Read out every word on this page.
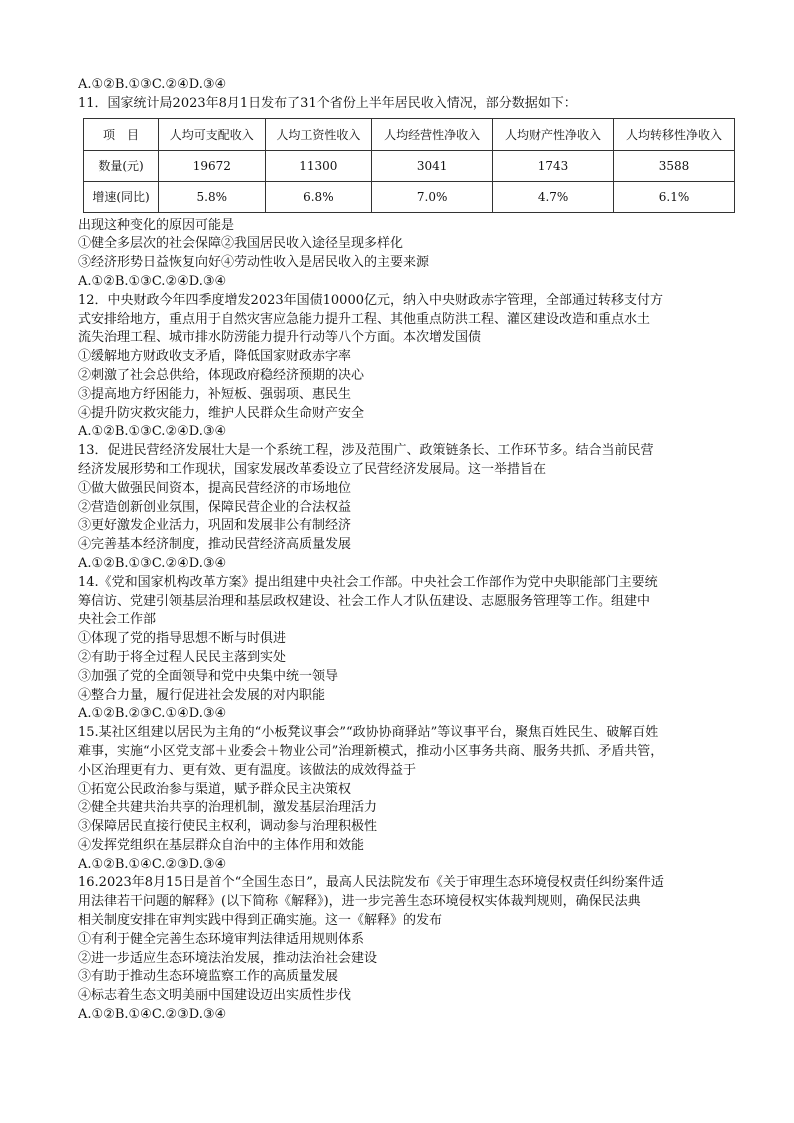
A.①②B.①③C.②④D.③④
11．国家统计局2023年8月1日发布了31个省份上半年居民收入情况，部分数据如下：
项　目	人均可支配收入	人均工资性收入	人均经营性净收入	人均财产性净收入	人均转移性净收入
数量(元)	19672	11300	3041	1743	3588
增速(同比)	5.8%	6.8%	7.0%	4.7%	6.1%
出现这种变化的原因可能是
①健全多层次的社会保障②我国居民收入途径呈现多样化
③经济形势日益恢复向好④劳动性收入是居民收入的主要来源
A.①②B.①③C.②④D.③④
12．中央财政今年四季度增发2023年国债10000亿元，纳入中央财政赤字管理，全部通过转移支付方
式安排给地方，重点用于自然灾害应急能力提升工程、其他重点防洪工程、灌区建设改造和重点水土
流失治理工程、城市排水防涝能力提升行动等八个方面。本次增发国债
①缓解地方财政收支矛盾，降低国家财政赤字率
②刺激了社会总供给，体现政府稳经济预期的决心
③提高地方纾困能力，补短板、强弱项、惠民生
④提升防灾救灾能力，维护人民群众生命财产安全
A.①②B.①③C.②④D.③④
13．促进民营经济发展壮大是一个系统工程，涉及范围广、政策链条长、工作环节多。结合当前民营
经济发展形势和工作现状，国家发展改革委设立了民营经济发展局。这一举措旨在
①做大做强民间资本，提高民营经济的市场地位
②营造创新创业氛围，保障民营企业的合法权益
③更好激发企业活力，巩固和发展非公有制经济
④完善基本经济制度，推动民营经济高质量发展
A.①②B.①③C.②④D.③④
14.《党和国家机构改革方案》提出组建中央社会工作部。中央社会工作部作为党中央职能部门主要统
筹信访、党建引领基层治理和基层政权建设、社会工作人才队伍建设、志愿服务管理等工作。组建中
央社会工作部
①体现了党的指导思想不断与时俱进
②有助于将全过程人民民主落到实处
③加强了党的全面领导和党中央集中统一领导
④整合力量，履行促进社会发展的对内职能
A.①②B.②③C.①④D.③④
15.某社区组建以居民为主角的“小板凳议事会”“政协协商驿站”等议事平台，聚焦百姓民生、破解百姓
难事，实施“小区党支部＋业委会＋物业公司”治理新模式，推动小区事务共商、服务共抓、矛盾共管，
小区治理更有力、更有效、更有温度。该做法的成效得益于
①拓宽公民政治参与渠道，赋予群众民主决策权
②健全共建共治共享的治理机制，激发基层治理活力
③保障居民直接行使民主权利，调动参与治理积极性
④发挥党组织在基层群众自治中的主体作用和效能
A.①②B.①④C.②③D.③④
16.2023年8月15日是首个“全国生态日”，最高人民法院发布《关于审理生态环境侵权责任纠纷案件适
用法律若干问题的解释》(以下简称《解释》)，进一步完善生态环境侵权实体裁判规则，确保民法典
相关制度安排在审判实践中得到正确实施。这一《解释》的发布
①有利于健全完善生态环境审判法律适用规则体系
②进一步适应生态环境法治发展，推动法治社会建设
③有助于推动生态环境监察工作的高质量发展
④标志着生态文明美丽中国建设迈出实质性步伐
A.①②B.①④C.②③D.③④
